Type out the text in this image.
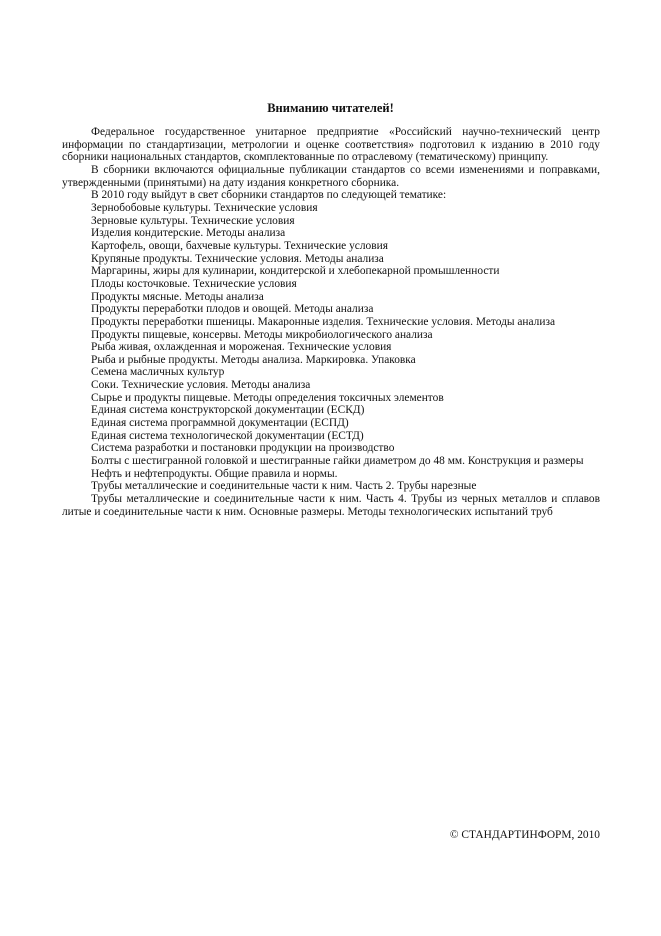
Вниманию читателей!

Федеральное государственное унитарное предприятие «Российский научно-технический центр информации по стандартизации, метрологии и оценке соответствия» подготовил к изданию в 2010 году сборники национальных стандартов, скомплектованные по отраслевому (тематическому) принципу.

В сборники включаются официальные публикации стандартов со всеми изменениями и поправками, утвержденными (принятыми) на дату издания конкретного сборника.

В 2010 году выйдут в свет сборники стандартов по следующей тематике:

Зернобобовые культуры. Технические условия

Зерновые культуры. Технические условия

Изделия кондитерские. Методы анализа

Картофель, овощи, бахчевые культуры. Технические условия

Крупяные продукты. Технические условия. Методы анализа

Маргарины, жиры для кулинарии, кондитерской и хлебопекарной промышленности

Плоды косточковые. Технические условия

Продукты мясные. Методы анализа

Продукты переработки плодов и овощей. Методы анализа

Продукты переработки пшеницы. Макаронные изделия. Технические условия. Методы анализа

Продукты пищевые, консервы. Методы микробиологического анализа

Рыба живая, охлажденная и мороженая. Технические условия

Рыба и рыбные продукты. Методы анализа. Маркировка. Упаковка

Семена масличных культур

Соки. Технические условия. Методы анализа

Сырье и продукты пищевые. Методы определения токсичных элементов

Единая система конструкторской документации (ЕСКД)

Единая система программной документации (ЕСПД)

Единая система технологической документации (ЕСТД)

Система разработки и постановки продукции на производство

Болты с шестигранной головкой и шестигранные гайки диаметром до 48 мм. Конструкция и размеры

Нефть и нефтепродукты. Общие правила и нормы.

Трубы металлические и соединительные части к ним. Часть 2. Трубы нарезные

Трубы металлические и соединительные части к ним. Часть 4. Трубы из черных металлов и сплавов литые и соединительные части к ним. Основные размеры. Методы технологических испытаний труб

© СТАНДАРТИНФОРМ, 2010
